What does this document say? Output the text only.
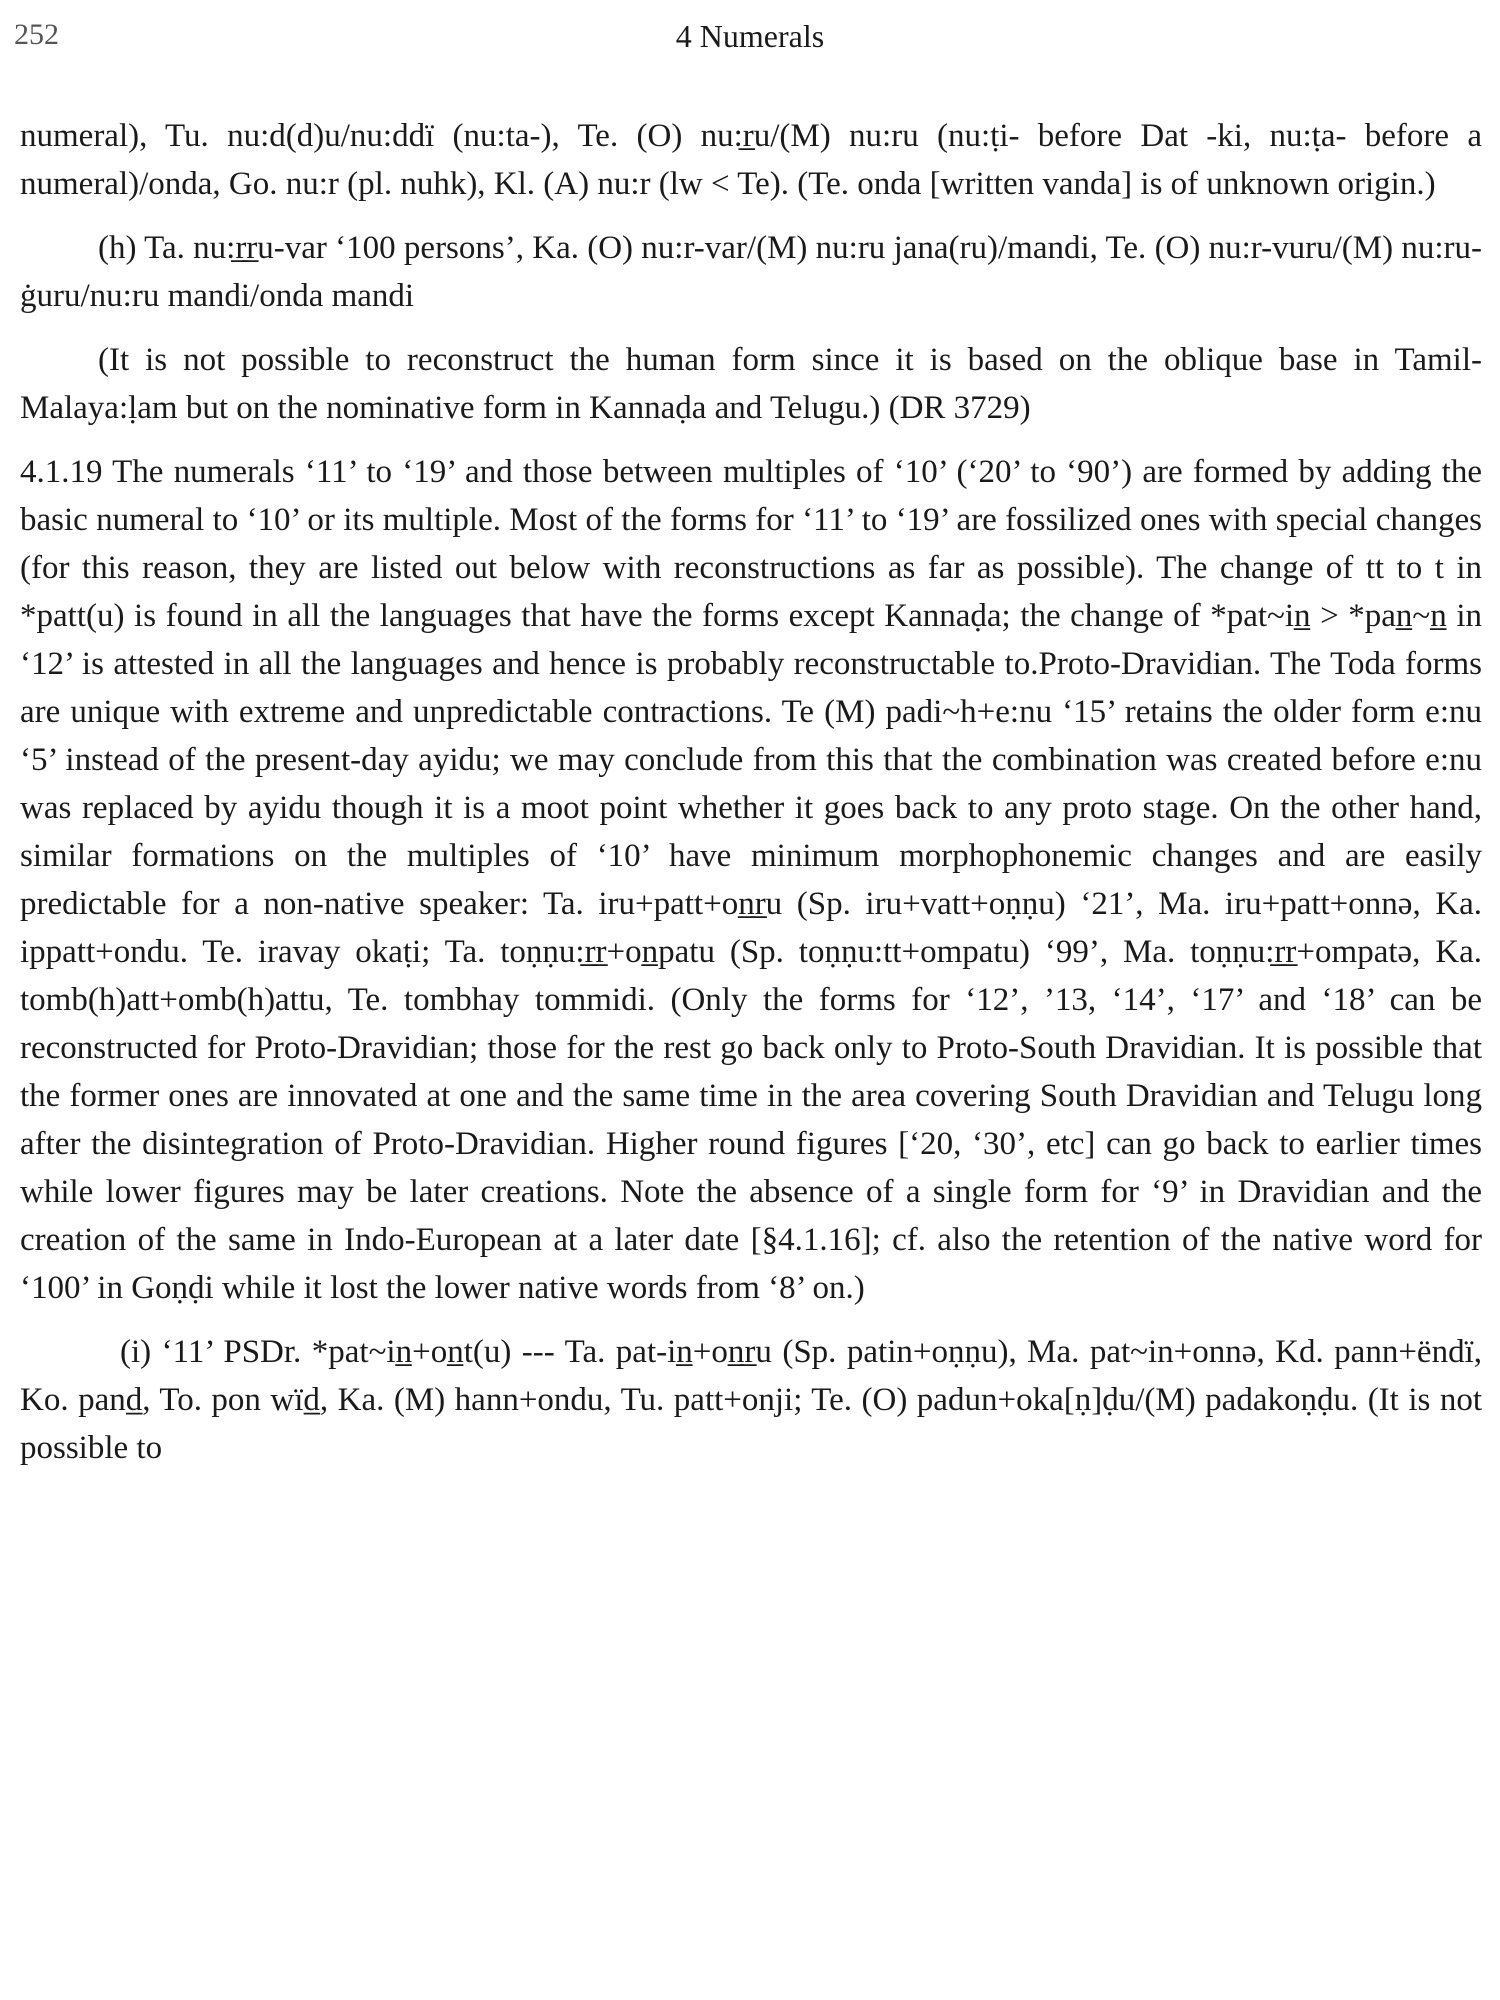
252	4 Numerals

numeral), Tu. nu:d(d)u/nu:ddï (nu:ta-), Te. (O) nu:r̲u/(M) nu:ru (nu:ṭi- before Dat -ki, nu:ṭa- before a numeral)/onda, Go. nu:r (pl. nuhk), Kl. (A) nu:r (lw < Te). (Te. onda [written vanda] is of unknown origin.)

(h) Ta. nu:r̲r̲u-var ‘100 persons’, Ka. (O) nu:r-var/(M) nu:ru jana(ru)/mandi, Te. (O) nu:r-vuru/(M) nu:ru-ġuru/nu:ru mandi/onda mandi

(It is not possible to reconstruct the human form since it is based on the oblique base in Tamil-Malaya:ḷam but on the nominative form in Kannaḍa and Telugu.) (DR 3729)

4.1.19 The numerals ‘11’ to ‘19’ and those between multiples of ‘10’ (‘20’ to ‘90’) are formed by adding the basic numeral to ‘10’ or its multiple. Most of the forms for ‘11’ to ‘19’ are fossilized ones with special changes (for this reason, they are listed out below with reconstructions as far as possible). The change of tt to t in *patt(u) is found in all the languages that have the forms except Kannaḍa; the change of *pat~in̲ > *pan̲~n̲ in ‘12’ is attested in all the languages and hence is probably reconstructable to.Proto-Dravidian. The Toda forms are unique with extreme and unpredictable contractions. Te (M) padi~h+e:nu ‘15’ retains the older form e:nu ‘5’ instead of the present-day ayidu; we may conclude from this that the combination was created before e:nu was replaced by ayidu though it is a moot point whether it goes back to any proto stage. On the other hand, similar formations on the multiples of ‘10’ have minimum morphophonemic changes and are easily predictable for a non-native speaker: Ta. iru+patt+on̲r̲u (Sp. iru+vatt+oṇṇu) ‘21’, Ma. iru+patt+onnə, Ka. ippatt+ondu. Te. iravay okaṭi; Ta. toṇṇu:r̲r̲+on̲patu (Sp. toṇṇu:tt+ompatu) ‘99’, Ma. toṇṇu:r̲r̲+ompatə, Ka. tomb(h)att+omb(h)attu, Te. tombhay tommidi. (Only the forms for ‘12’, ’13, ‘14’, ‘17’ and ‘18’ can be reconstructed for Proto-Dravidian; those for the rest go back only to Proto-South Dravidian. It is possible that the former ones are innovated at one and the same time in the area covering South Dravidian and Telugu long after the disintegration of Proto-Dravidian. Higher round figures [‘20, ‘30’, etc] can go back to earlier times while lower figures may be later creations. Note the absence of a single form for ‘9’ in Dravidian and the creation of the same in Indo-European at a later date [§4.1.16]; cf. also the retention of the native word for ‘100’ in Goṇḍi while it lost the lower native words from ‘8’ on.)

(i) ‘11’ PSDr. *pat~in̲+on̲t(u) --- Ta. pat-in̲+on̲r̲u (Sp. patin+oṇṇu), Ma. pat~in+onnə, Kd. pann+ëndï, Ko. pand̲, To. pon wïd̲, Ka. (M) hann+ondu, Tu. patt+onji; Te. (O) padun+oka[ṇ]ḍu/(M) padakoṇḍu. (It is not possible to
